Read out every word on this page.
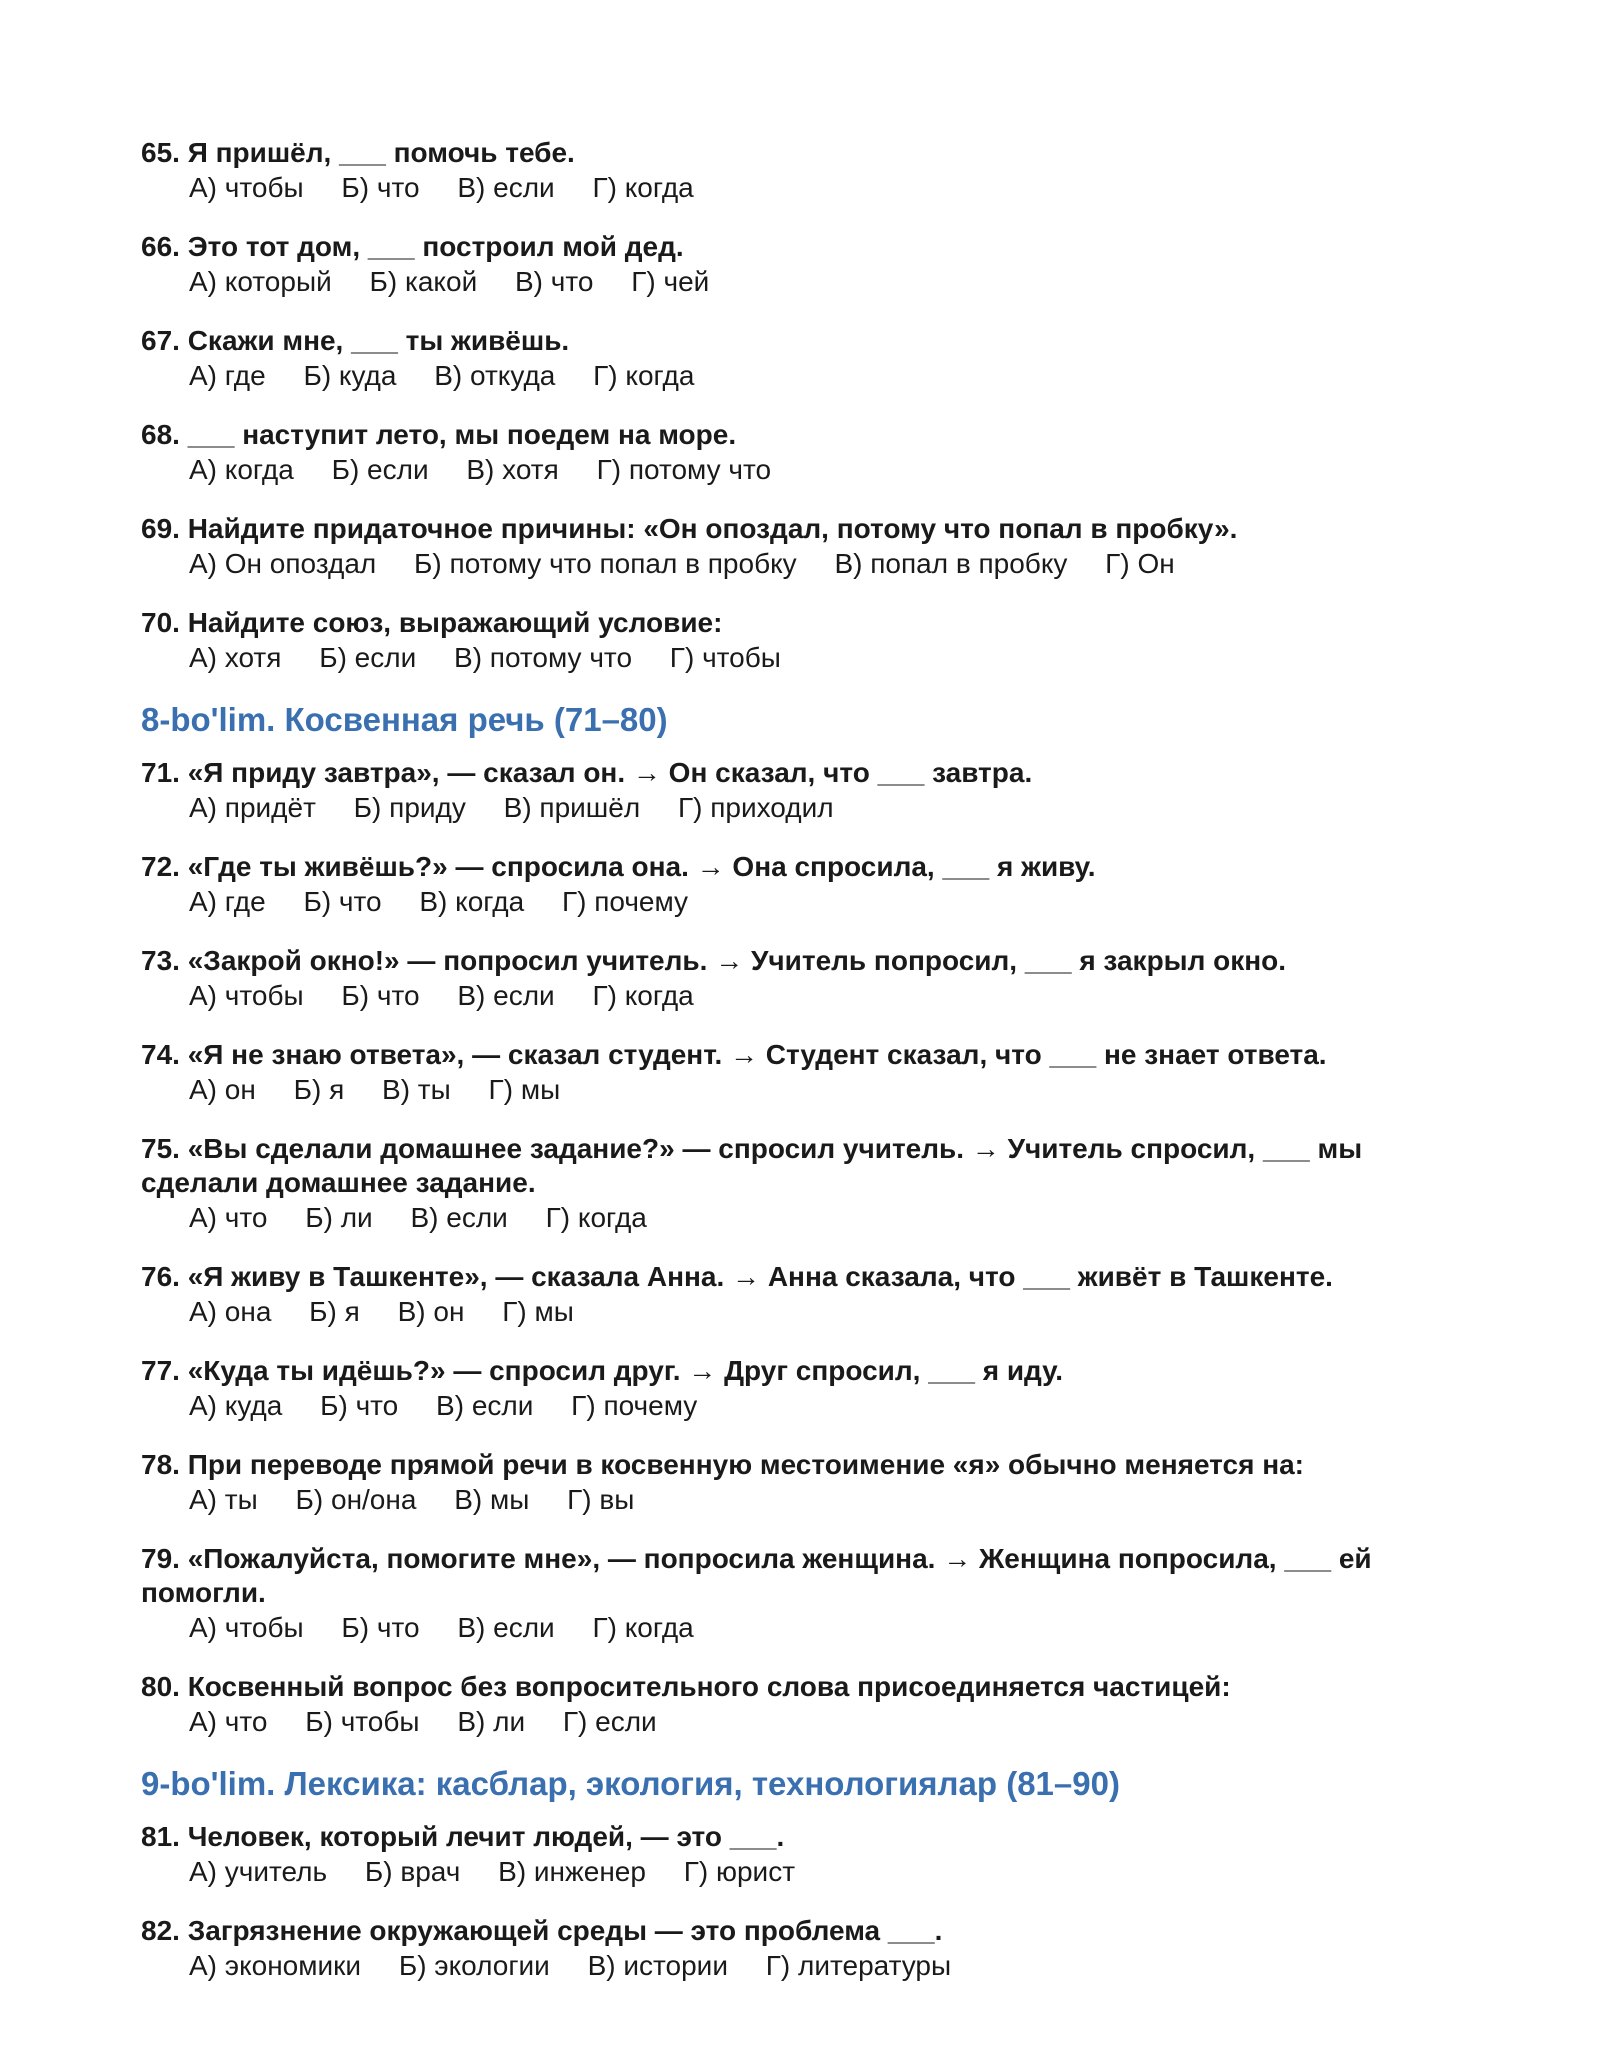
65. Я пришёл, ___ помочь тебе.
А) чтобы Б) что В) если Г) когда
66. Это тот дом, ___ построил мой дед.
А) который Б) какой В) что Г) чей
67. Скажи мне, ___ ты живёшь.
А) где Б) куда В) откуда Г) когда
68. ___ наступит лето, мы поедем на море.
А) когда Б) если В) хотя Г) потому что
69. Найдите придаточное причины: «Он опоздал, потому что попал в пробку».
А) Он опоздал Б) потому что попал в пробку В) попал в пробку Г) Он
70. Найдите союз, выражающий условие:
А) хотя Б) если В) потому что Г) чтобы
8-bo'lim. Косвенная речь (71–80)
71. «Я приду завтра», — сказал он. → Он сказал, что ___ завтра.
А) придёт Б) приду В) пришёл Г) приходил
72. «Где ты живёшь?» — спросила она. → Она спросила, ___ я живу.
А) где Б) что В) когда Г) почему
73. «Закрой окно!» — попросил учитель. → Учитель попросил, ___ я закрыл окно.
А) чтобы Б) что В) если Г) когда
74. «Я не знаю ответа», — сказал студент. → Студент сказал, что ___ не знает ответа.
А) он Б) я В) ты Г) мы
75. «Вы сделали домашнее задание?» — спросил учитель. → Учитель спросил, ___ мы сделали домашнее задание.
А) что Б) ли В) если Г) когда
76. «Я живу в Ташкенте», — сказала Анна. → Анна сказала, что ___ живёт в Ташкенте.
А) она Б) я В) он Г) мы
77. «Куда ты идёшь?» — спросил друг. → Друг спросил, ___ я иду.
А) куда Б) что В) если Г) почему
78. При переводе прямой речи в косвенную местоимение «я» обычно меняется на:
А) ты Б) он/она В) мы Г) вы
79. «Пожалуйста, помогите мне», — попросила женщина. → Женщина попросила, ___ ей помогли.
А) чтобы Б) что В) если Г) когда
80. Косвенный вопрос без вопросительного слова присоединяется частицей:
А) что Б) чтобы В) ли Г) если
9-bo'lim. Лексика: касблар, экология, технологиялар (81–90)
81. Человек, который лечит людей, — это ___.
А) учитель Б) врач В) инженер Г) юрист
82. Загрязнение окружающей среды — это проблема ___.
А) экономики Б) экологии В) истории Г) литературы
